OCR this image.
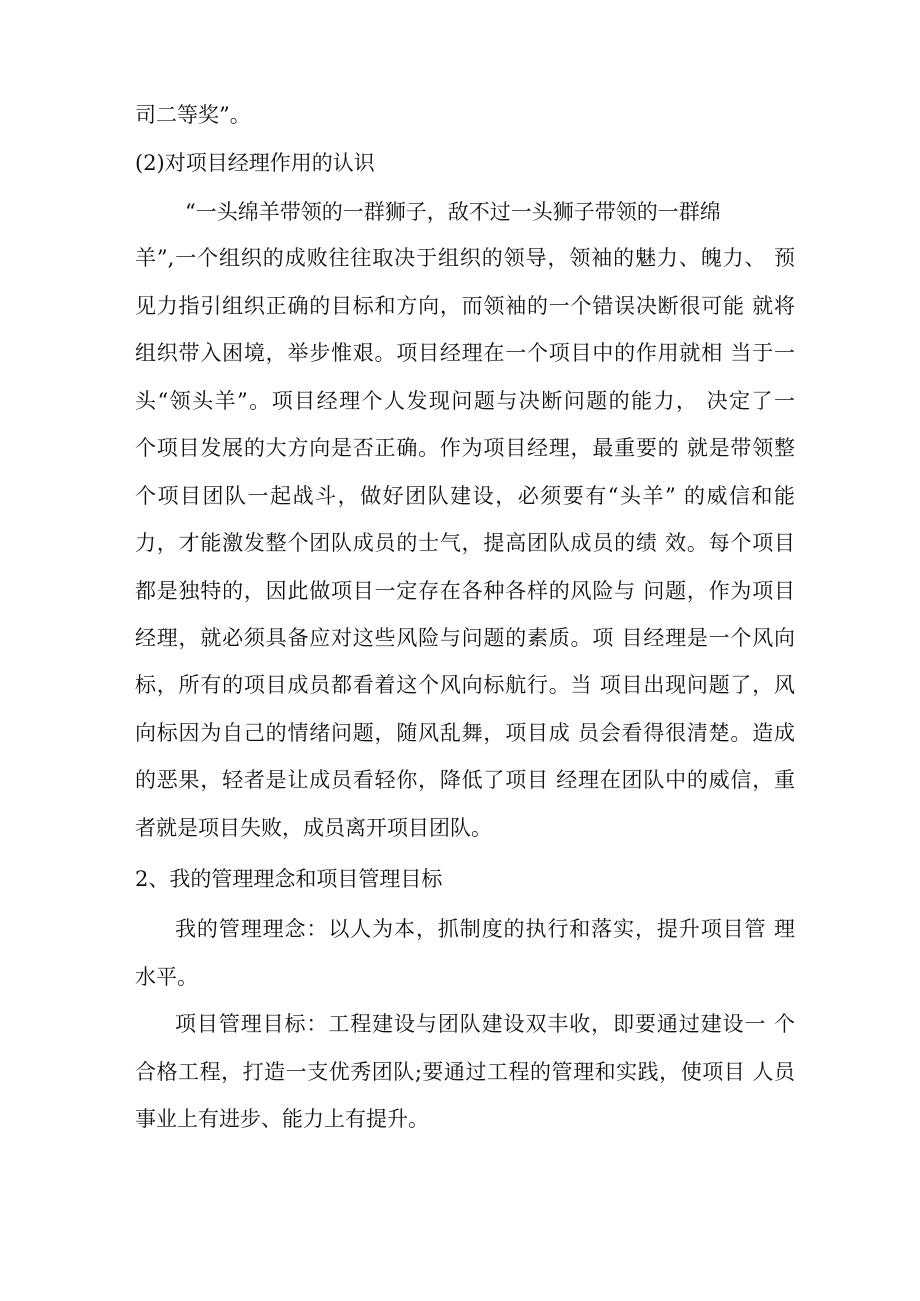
司二等奖”。
(2)对项目经理作用的认识
“一头绵羊带领的一群狮子，敌不过一头狮子带领的一群绵
羊”,一个组织的成败往往取决于组织的领导，领袖的魅力、魄力、 预
见力指引组织正确的目标和方向，而领袖的一个错误决断很可能 就将
组织带入困境，举步惟艰。项目经理在一个项目中的作用就相 当于一
头“领头羊”。项目经理个人发现问题与决断问题的能力， 决定了一
个项目发展的大方向是否正确。作为项目经理，最重要的 就是带领整
个项目团队一起战斗，做好团队建设，必须要有“头羊” 的威信和能
力，才能激发整个团队成员的士气，提高团队成员的绩 效。每个项目
都是独特的，因此做项目一定存在各种各样的风险与 问题，作为项目
经理，就必须具备应对这些风险与问题的素质。项 目经理是一个风向
标，所有的项目成员都看着这个风向标航行。当 项目出现问题了，风
向标因为自己的情绪问题，随风乱舞，项目成 员会看得很清楚。造成
的恶果，轻者是让成员看轻你，降低了项目 经理在团队中的威信，重
者就是项目失败，成员离开项目团队。
2、我的管理理念和项目管理目标
我的管理理念：以人为本，抓制度的执行和落实，提升项目管 理
水平。
项目管理目标：工程建设与团队建设双丰收，即要通过建设一 个
合格工程，打造一支优秀团队;要通过工程的管理和实践，使项目 人员
事业上有进步、能力上有提升。
